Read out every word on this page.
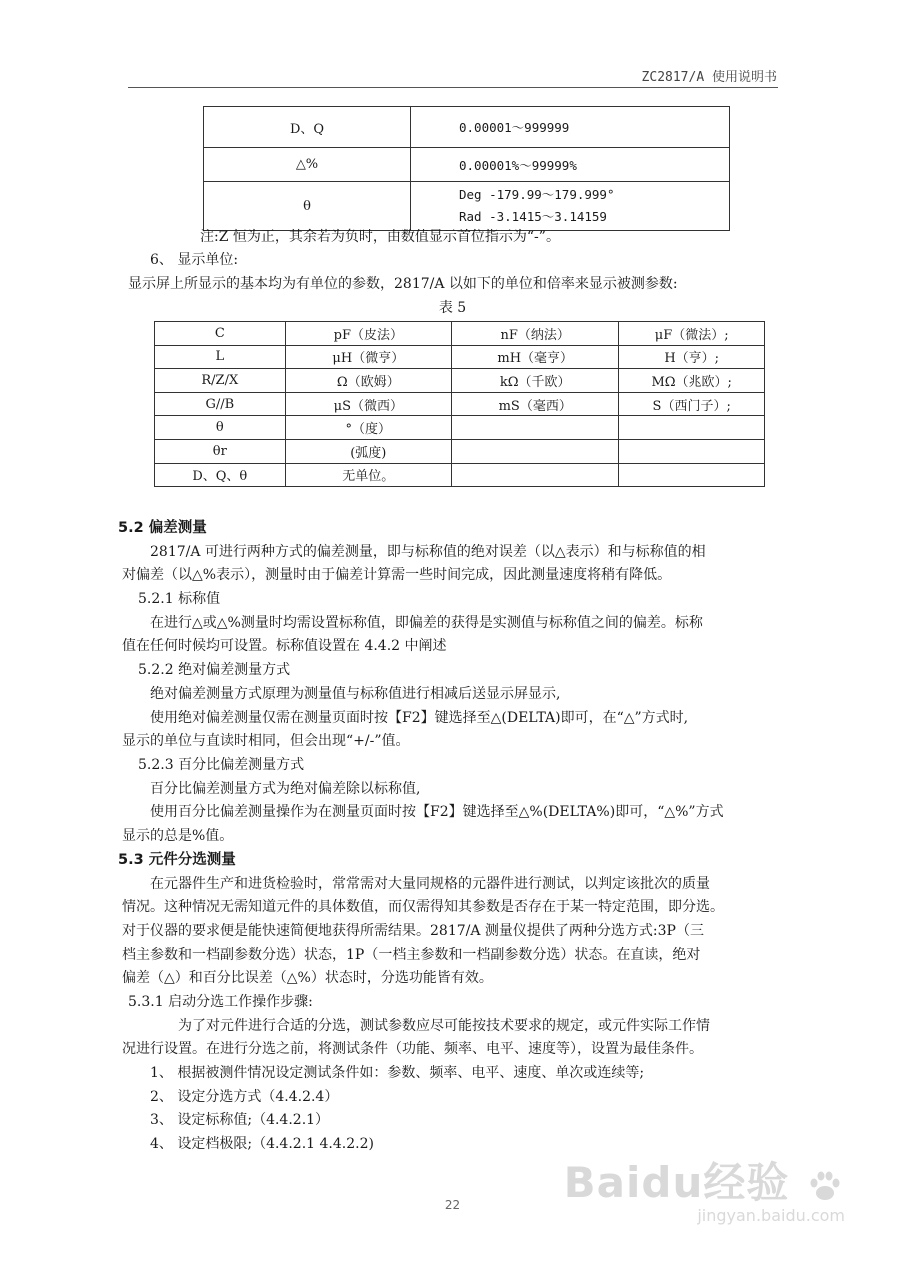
ZC2817/A 使用说明书
D、Q	0.00001～999999
△%	0.00001%～99999%
θ	Deg -179.99～179.999°
Rad -3.1415～3.14159
注:Z 恒为正，其余若为负时，由数值显示首位指示为“-”。
6、 显示单位:
显示屏上所显示的基本均为有单位的参数，2817/A 以如下的单位和倍率来显示被测参数:
表 5
C	pF（皮法）	nF（纳法）	μF（微法）;
L	μH（微亨）	mH（毫亨）	H（亨）;
R/Z/X	Ω（欧姆）	kΩ（千欧）	MΩ（兆欧）;
G//B	μS（微西）	mS（毫西）	S（西门子）;
θ	°（度）		
θr	(弧度)		
D、Q、θ	无单位。		
5.2 偏差测量
2817/A 可进行两种方式的偏差测量，即与标称值的绝对误差（以△表示）和与标称值的相
对偏差（以△%表示），测量时由于偏差计算需一些时间完成，因此测量速度将稍有降低。
5.2.1 标称值
在进行△或△%测量时均需设置标称值，即偏差的获得是实测值与标称值之间的偏差。标称
值在任何时候均可设置。标称值设置在 4.4.2 中阐述
5.2.2 绝对偏差测量方式
绝对偏差测量方式原理为测量值与标称值进行相减后送显示屏显示,
使用绝对偏差测量仅需在测量页面时按【F2】键选择至△(DELTA)即可，在“△”方式时,
显示的单位与直读时相同，但会出现“+/-”值。
5.2.3 百分比偏差测量方式
百分比偏差测量方式为绝对偏差除以标称值,
使用百分比偏差测量操作为在测量页面时按【F2】键选择至△%(DELTA%)即可，“△%”方式
显示的总是%值。
5.3 元件分选测量
在元器件生产和进货检验时，常常需对大量同规格的元器件进行测试，以判定该批次的质量
情况。这种情况无需知道元件的具体数值，而仅需得知其参数是否存在于某一特定范围，即分选。
对于仪器的要求便是能快速简便地获得所需结果。2817/A 测量仪提供了两种分选方式:3P（三
档主参数和一档副参数分选）状态，1P（一档主参数和一档副参数分选）状态。在直读，绝对
偏差（△）和百分比误差（△%）状态时，分选功能皆有效。
5.3.1 启动分选工作操作步骤:
为了对元件进行合适的分选，测试参数应尽可能按技术要求的规定，或元件实际工作情
况进行设置。在进行分选之前，将测试条件（功能、频率、电平、速度等），设置为最佳条件。
1、 根据被测件情况设定测试条件如：参数、频率、电平、速度、单次或连续等;
2、 设定分选方式（4.4.2.4）
3、 设定标称值;（4.4.2.1）
4、 设定档极限;（4.4.2.1 4.4.2.2)
22	Baidu经验
jingyan.baidu.com
